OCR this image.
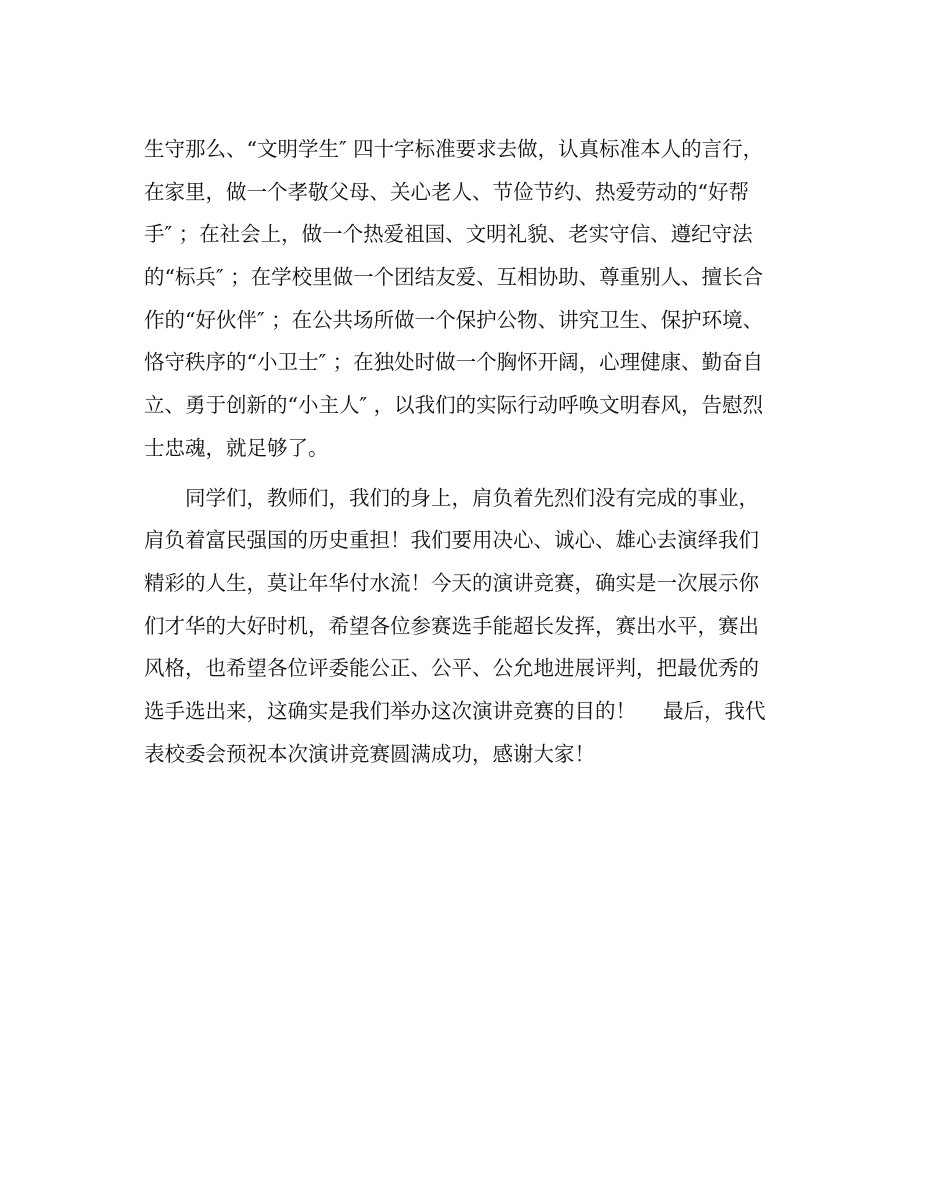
生守那么、“文明学生″ 四十字标准要求去做，认真标准本人的言行，
在家里，做一个孝敬父母、关心老人、节俭节约、热爱劳动的“好帮
手″ ；在社会上，做一个热爱祖国、文明礼貌、老实守信、遵纪守法
的“标兵″ ；在学校里做一个团结友爱、互相协助、尊重别人、擅长合
作的“好伙伴″ ；在公共场所做一个保护公物、讲究卫生、保护环境、
恪守秩序的“小卫士″ ；在独处时做一个胸怀开阔，心理健康、勤奋自
立、勇于创新的“小主人″ ，以我们的实际行动呼唤文明春风，告慰烈
士忠魂，就足够了。
同学们，教师们，我们的身上，肩负着先烈们没有完成的事业，
肩负着富民强国的历史重担！我们要用决心、诚心、雄心去演绎我们
精彩的人生，莫让年华付水流！今天的演讲竞赛，确实是一次展示你
们才华的大好时机，希望各位参赛选手能超长发挥，赛出水平，赛出
风格，也希望各位评委能公正、公平、公允地进展评判，把最优秀的
选手选出来，这确实是我们举办这次演讲竞赛的目的！　 最后，我代
表校委会预祝本次演讲竞赛圆满成功，感谢大家！
